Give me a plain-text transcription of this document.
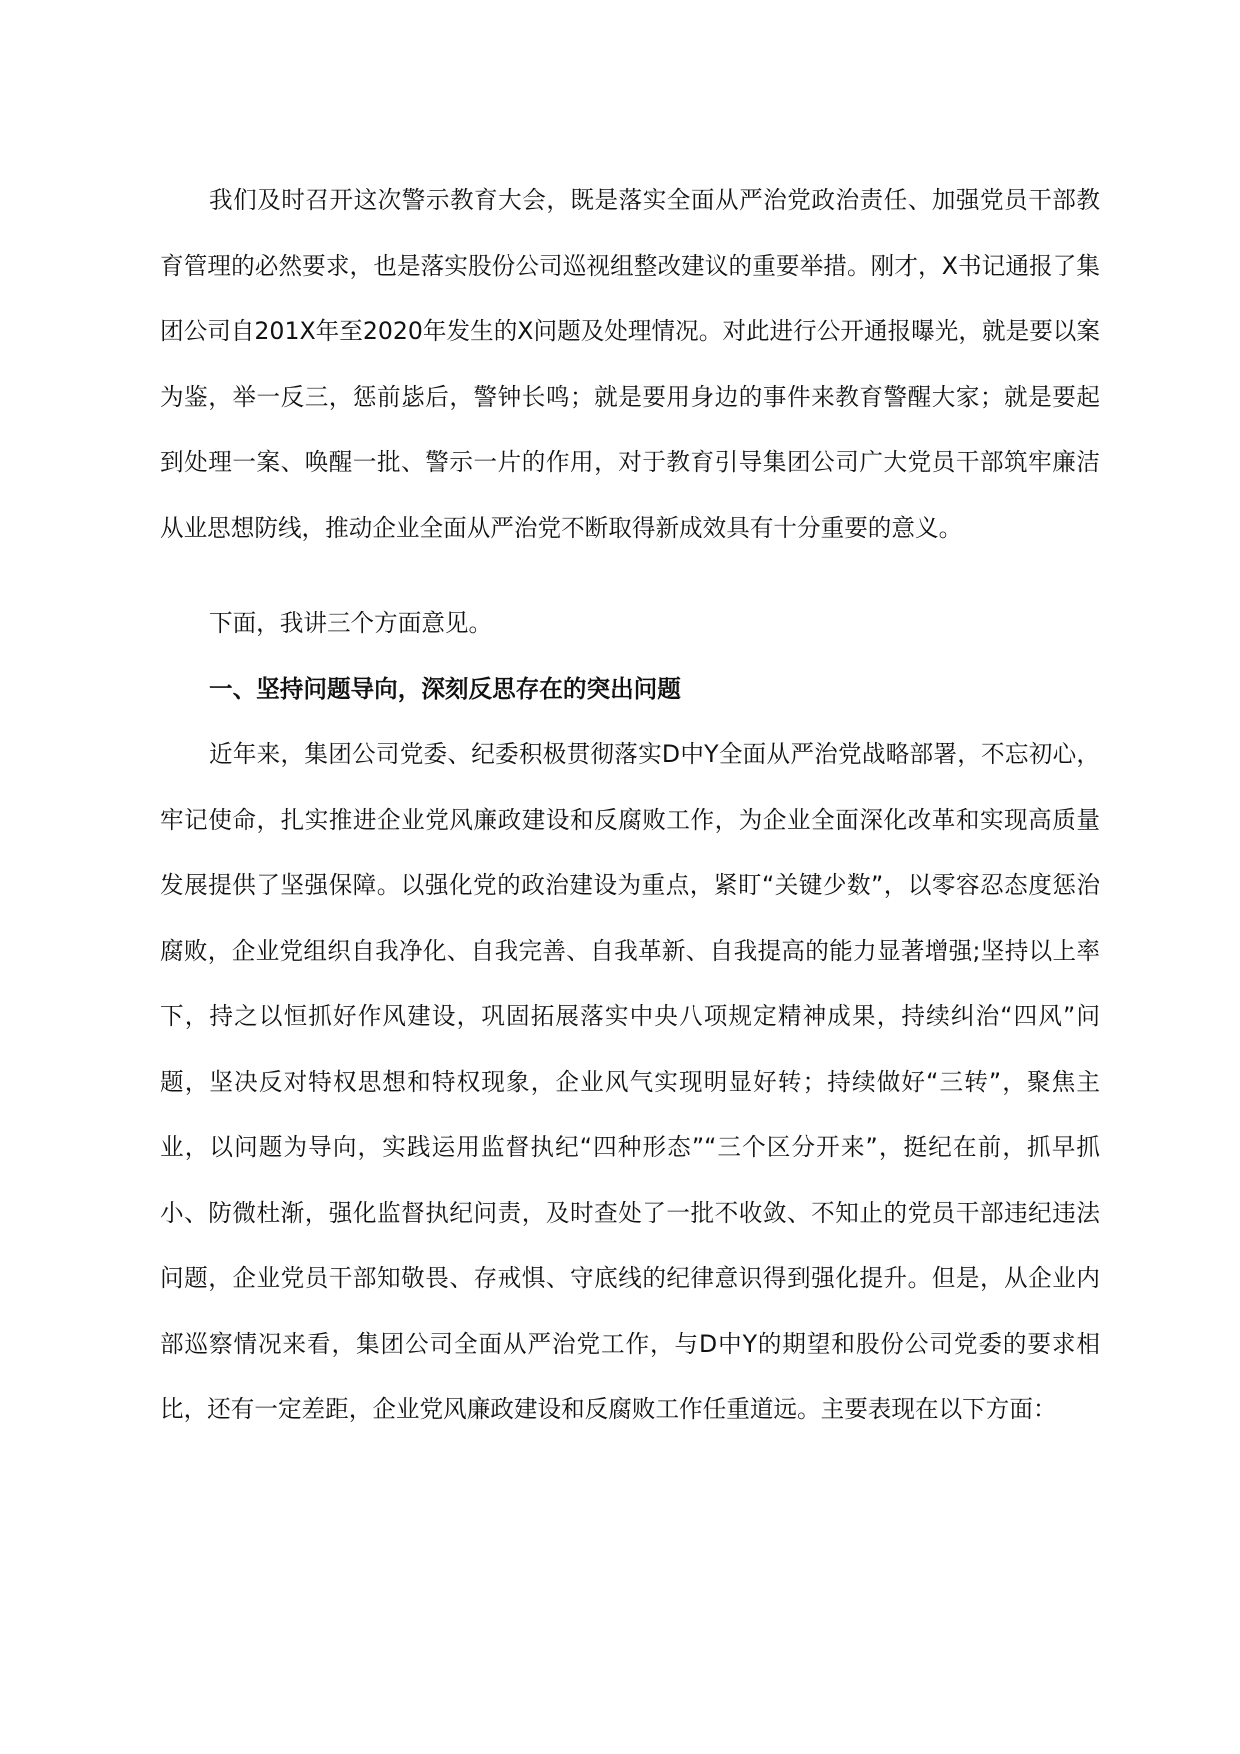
我们及时召开这次警示教育大会，既是落实全面从严治党政治责任、加强党员干部教育管理的必然要求，也是落实股份公司巡视组整改建议的重要举措。刚才，X书记通报了集团公司自201X年至2020年发生的X问题及处理情况。对此进行公开通报曝光，就是要以案为鉴，举一反三，惩前毖后，警钟长鸣；就是要用身边的事件来教育警醒大家；就是要起到处理一案、唤醒一批、警示一片的作用，对于教育引导集团公司广大党员干部筑牢廉洁从业思想防线，推动企业全面从严治党不断取得新成效具有十分重要的意义。

下面，我讲三个方面意见。

一、坚持问题导向，深刻反思存在的突出问题

近年来，集团公司党委、纪委积极贯彻落实D中Y全面从严治党战略部署，不忘初心，牢记使命，扎实推进企业党风廉政建设和反腐败工作，为企业全面深化改革和实现高质量发展提供了坚强保障。以强化党的政治建设为重点，紧盯“关键少数”，以零容忍态度惩治腐败，企业党组织自我净化、自我完善、自我革新、自我提高的能力显著增强;坚持以上率下，持之以恒抓好作风建设，巩固拓展落实中央八项规定精神成果，持续纠治“四风”问题，坚决反对特权思想和特权现象，企业风气实现明显好转；持续做好“三转”，聚焦主业，以问题为导向，实践运用监督执纪“四种形态”“三个区分开来”，挺纪在前，抓早抓小、防微杜渐，强化监督执纪问责，及时查处了一批不收敛、不知止的党员干部违纪违法问题，企业党员干部知敬畏、存戒惧、守底线的纪律意识得到强化提升。但是，从企业内部巡察情况来看，集团公司全面从严治党工作，与D中Y的期望和股份公司党委的要求相比，还有一定差距，企业党风廉政建设和反腐败工作任重道远。主要表现在以下方面：
